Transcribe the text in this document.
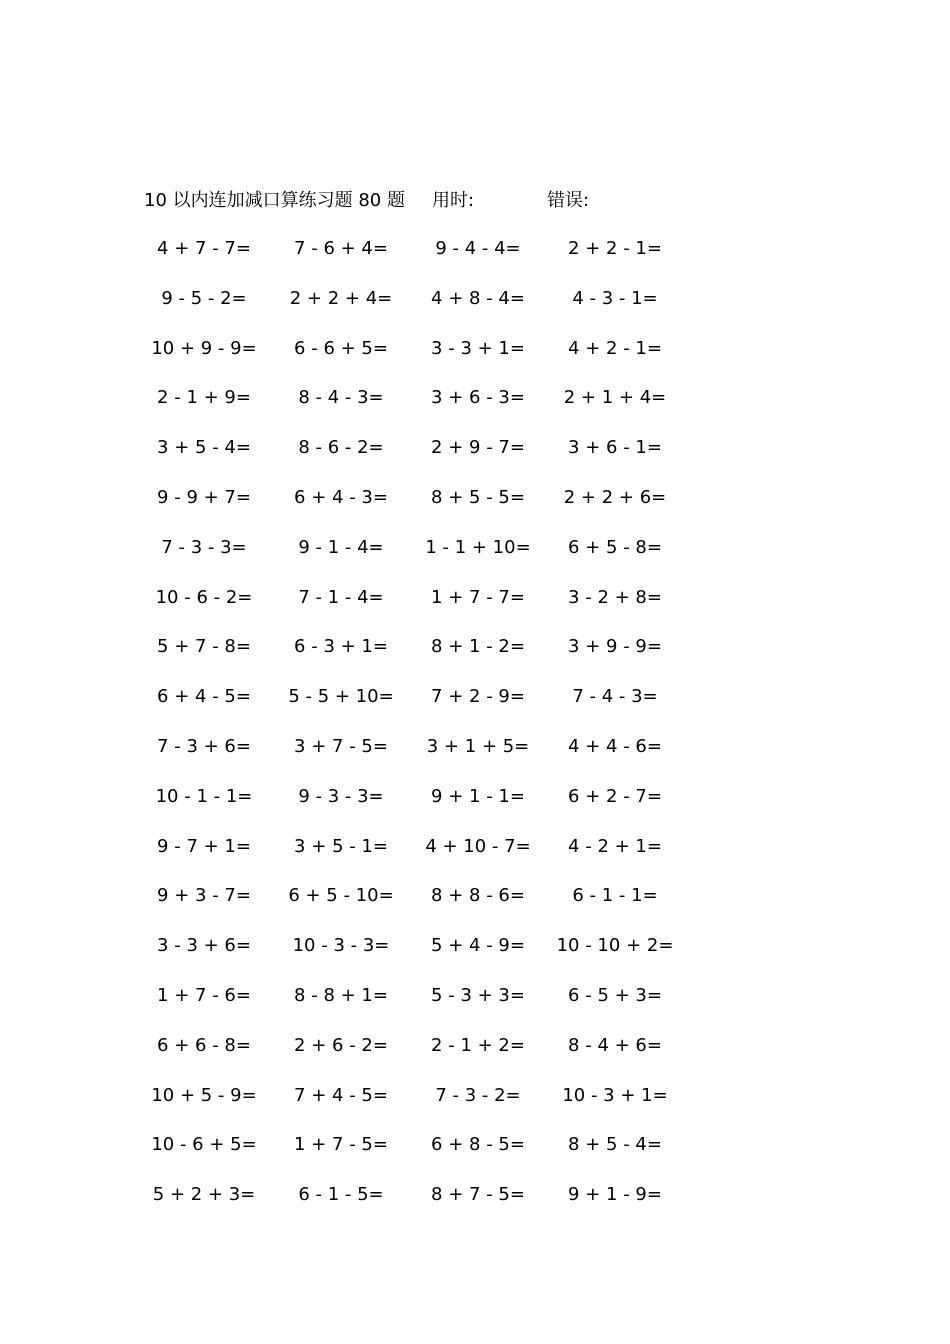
10 以内连加减口算练习题 80 题 用时:	错误:
4 + 7 - 7=	7 - 6 + 4=	9 - 4 - 4=	2 + 2 - 1=
9 - 5 - 2=	2 + 2 + 4=	4 + 8 - 4=	4 - 3 - 1=
10 + 9 - 9=	6 - 6 + 5=	3 - 3 + 1=	4 + 2 - 1=
2 - 1 + 9=	8 - 4 - 3=	3 + 6 - 3=	2 + 1 + 4=
3 + 5 - 4=	8 - 6 - 2=	2 + 9 - 7=	3 + 6 - 1=
9 - 9 + 7=	6 + 4 - 3=	8 + 5 - 5=	2 + 2 + 6=
7 - 3 - 3=	9 - 1 - 4=	1 - 1 + 10=	6 + 5 - 8=
10 - 6 - 2=	7 - 1 - 4=	1 + 7 - 7=	3 - 2 + 8=
5 + 7 - 8=	6 - 3 + 1=	8 + 1 - 2=	3 + 9 - 9=
6 + 4 - 5=	5 - 5 + 10=	7 + 2 - 9=	7 - 4 - 3=
7 - 3 + 6=	3 + 7 - 5=	3 + 1 + 5=	4 + 4 - 6=
10 - 1 - 1=	9 - 3 - 3=	9 + 1 - 1=	6 + 2 - 7=
9 - 7 + 1=	3 + 5 - 1=	4 + 10 - 7=	4 - 2 + 1=
9 + 3 - 7=	6 + 5 - 10=	8 + 8 - 6=	6 - 1 - 1=
3 - 3 + 6=	10 - 3 - 3=	5 + 4 - 9=	10 - 10 + 2=
1 + 7 - 6=	8 - 8 + 1=	5 - 3 + 3=	6 - 5 + 3=
6 + 6 - 8=	2 + 6 - 2=	2 - 1 + 2=	8 - 4 + 6=
10 + 5 - 9=	7 + 4 - 5=	7 - 3 - 2=	10 - 3 + 1=
10 - 6 + 5=	1 + 7 - 5=	6 + 8 - 5=	8 + 5 - 4=
5 + 2 + 3=	6 - 1 - 5=	8 + 7 - 5=	9 + 1 - 9=
